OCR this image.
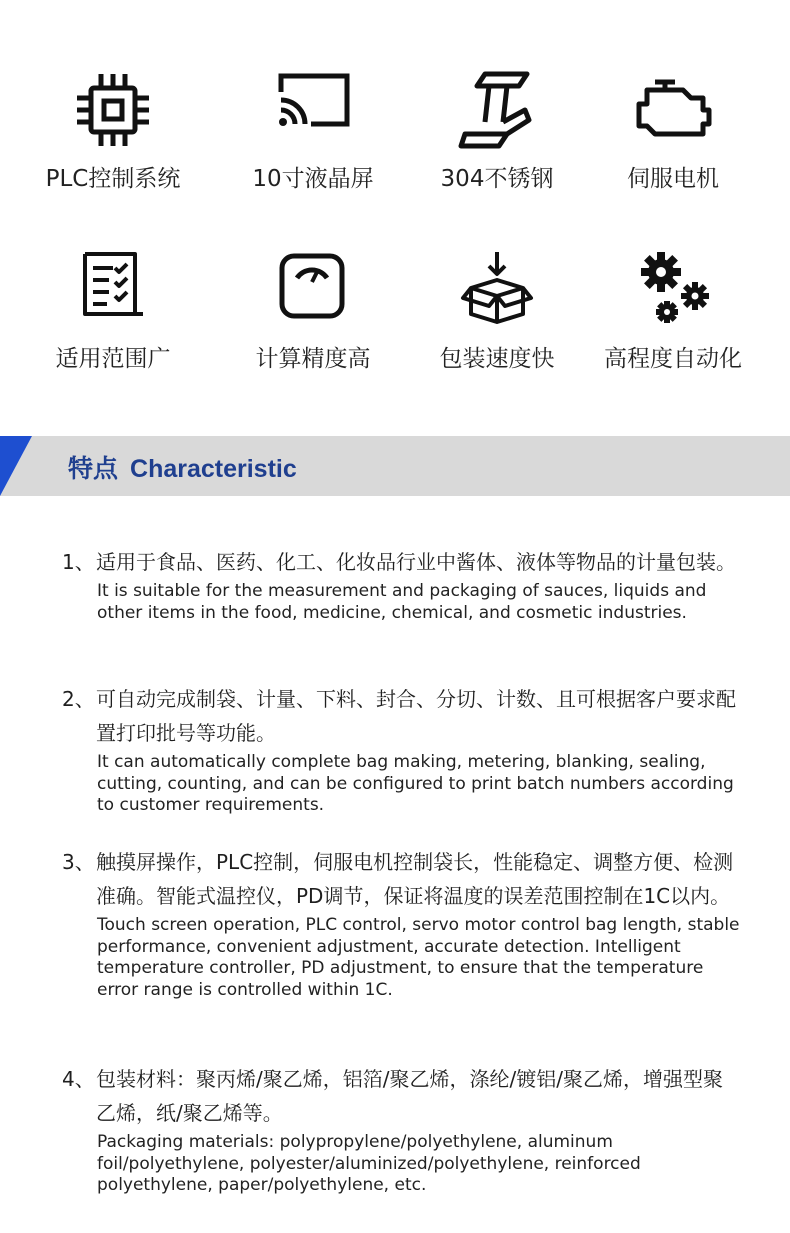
PLC控制系统	10寸液晶屏	304不锈钢	伺服电机
适用范围广	计算精度高	包装速度快	高程度自动化
特点 Characteristic
1、 适用于食品、医药、化工、化妆品行业中酱体、液体等物品的计量包装。
It is suitable for the measurement and packaging of sauces, liquids and other items in the food, medicine, chemical, and cosmetic industries.
2、 可自动完成制袋、计量、下料、封合、分切、计数、且可根据客户要求配置打印批号等功能。
It can automatically complete bag making, metering, blanking, sealing, cutting, counting, and can be configured to print batch numbers according to customer requirements.
3、 触摸屏操作，PLC控制，伺服电机控制袋长，性能稳定、调整方便、检测准确。智能式温控仪，PD调节，保证将温度的误差范围控制在1C以内。
Touch screen operation, PLC control, servo motor control bag length, stable performance, convenient adjustment, accurate detection. Intelligent temperature controller, PD adjustment, to ensure that the temperature error range is controlled within 1C.
4、 包装材料：聚丙烯/聚乙烯，铝箔/聚乙烯，涤纶/镀铝/聚乙烯，增强型聚乙烯，纸/聚乙烯等。
Packaging materials: polypropylene/polyethylene, aluminum foil/polyethylene, polyester/aluminized/polyethylene, reinforced polyethylene, paper/polyethylene, etc.
